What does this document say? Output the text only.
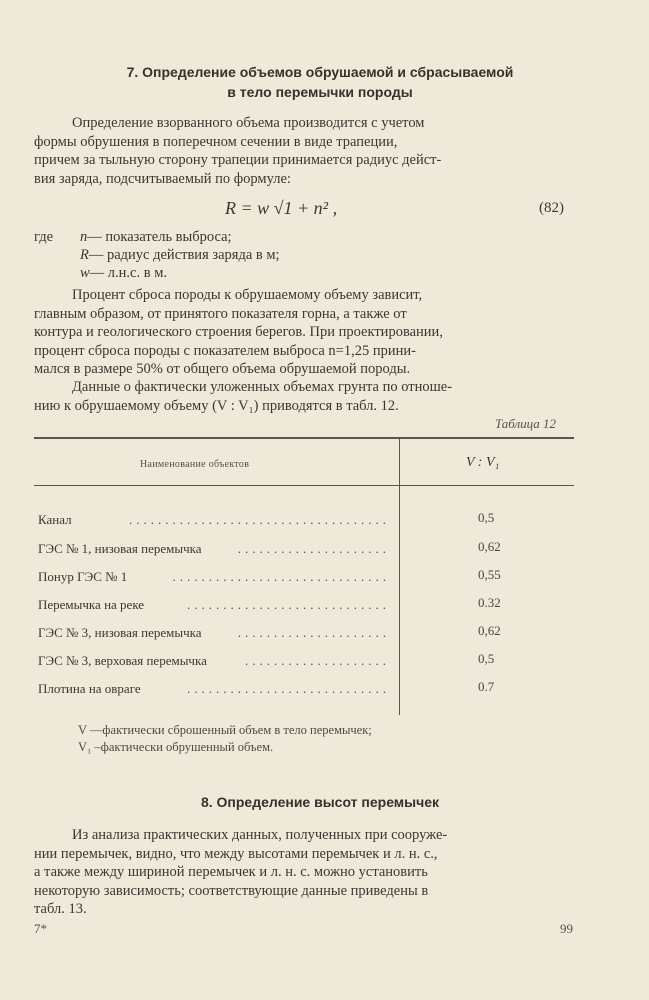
7. Определение объемов обрушаемой и сбрасываемой
в тело перемычки породы
Определение взорванного объема производится с учетом
формы обрушения в поперечном сечении в виде трапеции,
причем за тыльную сторону трапеции принимается радиус дейст-
вия заряда, подсчитываемый по формуле:
R = w √1 + n² ,	(82)
где n— показатель выброса;
R— радиус действия заряда в м;
w— л.н.с. в м.
Процент сброса породы к обрушаемому объему зависит,
главным образом, от принятого показателя горна, а также от
контура и геологического строения берегов. При проектировании,
процент сброса породы с показателем выброса n=1,25 прини-
мался в размере 50% от общего объема обрушаемой породы.
Данные о фактически уложенных объемах грунта по отноше-
нию к обрушаемому объему (V : V₁) приводятся в табл. 12.
Таблица 12
Наименование объектов	V : V₁
Канал	....................................	0,5
ГЭС № 1, низовая перемычка	.....................	0,62
Понур ГЭС № 1	..............................	0,55
Перемычка на реке	............................	0.32
ГЭС № 3, низовая перемычка	.....................	0,62
ГЭС № 3, верховая перемычка	....................	0,5
Плотина на овраге	............................	0.7
V —фактически сброшенный объем в тело перемычек;
V₁ –фактически обрушенный объем.
8. Определение высот перемычек
Из анализа практических данных, полученных при сооруже-
нии перемычек, видно, что между высотами перемычек и л. н. с.,
а также между шириной перемычек и л. н. с. можно установить
некоторую зависимость; соответствующие данные приведены в
табл. 13.
7*	99
